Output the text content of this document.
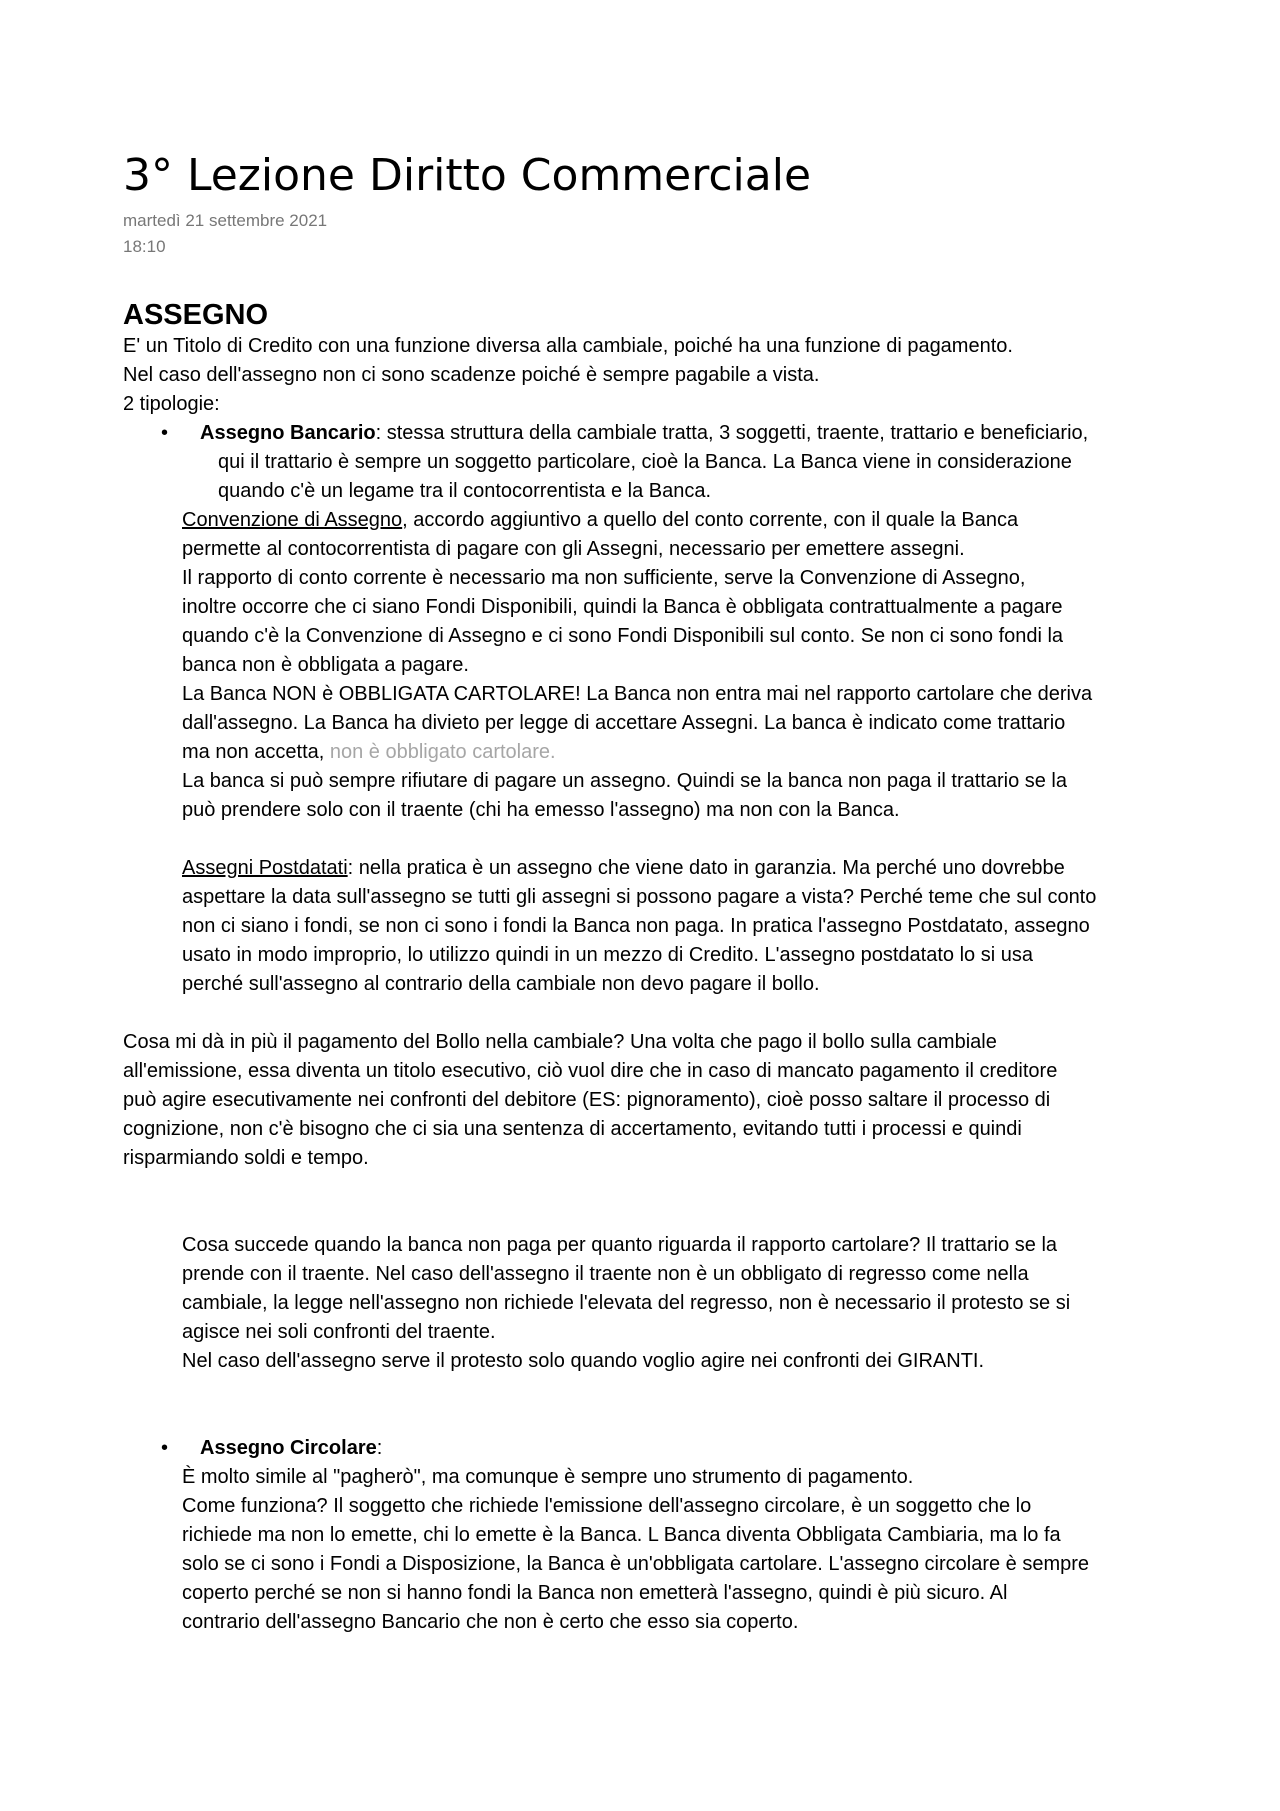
3° Lezione Diritto Commerciale
martedì 21 settembre 2021
18:10
ASSEGNO

E' un Titolo di Credito con una funzione diversa alla cambiale, poiché ha una funzione di pagamento.

Nel caso dell'assegno non ci sono scadenze poiché è sempre pagabile a vista.

2 tipologie:

• Assegno Bancario: stessa struttura della cambiale tratta, 3 soggetti, traente, trattario e beneficiario,
qui il trattario è sempre un soggetto particolare, cioè la Banca. La Banca viene in considerazione
quando c'è un legame tra il contocorrentista e la Banca.

Convenzione di Assegno, accordo aggiuntivo a quello del conto corrente, con il quale la Banca

permette al contocorrentista di pagare con gli Assegni, necessario per emettere assegni.

Il rapporto di conto corrente è necessario ma non sufficiente, serve la Convenzione di Assegno,

inoltre occorre che ci siano Fondi Disponibili, quindi la Banca è obbligata contrattualmente a pagare

quando c'è la Convenzione di Assegno e ci sono Fondi Disponibili sul conto. Se non ci sono fondi la

banca non è obbligata a pagare.

La Banca NON è OBBLIGATA CARTOLARE! La Banca non entra mai nel rapporto cartolare che deriva

dall'assegno. La Banca ha divieto per legge di accettare Assegni. La banca è indicato come trattario

ma non accetta, non è obbligato cartolare.

La banca si può sempre rifiutare di pagare un assegno. Quindi se la banca non paga il trattario se la

può prendere solo con il traente (chi ha emesso l'assegno) ma non con la Banca.

Assegni Postdatati: nella pratica è un assegno che viene dato in garanzia. Ma perché uno dovrebbe

aspettare la data sull'assegno se tutti gli assegni si possono pagare a vista? Perché teme che sul conto

non ci siano i fondi, se non ci sono i fondi la Banca non paga. In pratica l'assegno Postdatato, assegno

usato in modo improprio, lo utilizzo quindi in un mezzo di Credito. L'assegno postdatato lo si usa

perché sull'assegno al contrario della cambiale non devo pagare il bollo.

Cosa mi dà in più il pagamento del Bollo nella cambiale? Una volta che pago il bollo sulla cambiale

all'emissione, essa diventa un titolo esecutivo, ciò vuol dire che in caso di mancato pagamento il creditore

può agire esecutivamente nei confronti del debitore (ES: pignoramento), cioè posso saltare il processo di

cognizione, non c'è bisogno che ci sia una sentenza di accertamento, evitando tutti i processi e quindi

risparmiando soldi e tempo.

Cosa succede quando la banca non paga per quanto riguarda il rapporto cartolare? Il trattario se la

prende con il traente. Nel caso dell'assegno il traente non è un obbligato di regresso come nella

cambiale, la legge nell'assegno non richiede l'elevata del regresso, non è necessario il protesto se si

agisce nei soli confronti del traente.

Nel caso dell'assegno serve il protesto solo quando voglio agire nei confronti dei GIRANTI.

• Assegno Circolare:

È molto simile al "pagherò", ma comunque è sempre uno strumento di pagamento.

Come funziona? Il soggetto che richiede l'emissione dell'assegno circolare, è un soggetto che lo

richiede ma non lo emette, chi lo emette è la Banca. L Banca diventa Obbligata Cambiaria, ma lo fa

solo se ci sono i Fondi a Disposizione, la Banca è un'obbligata cartolare. L'assegno circolare è sempre

coperto perché se non si hanno fondi la Banca non emetterà l'assegno, quindi è più sicuro. Al

contrario dell'assegno Bancario che non è certo che esso sia coperto.
